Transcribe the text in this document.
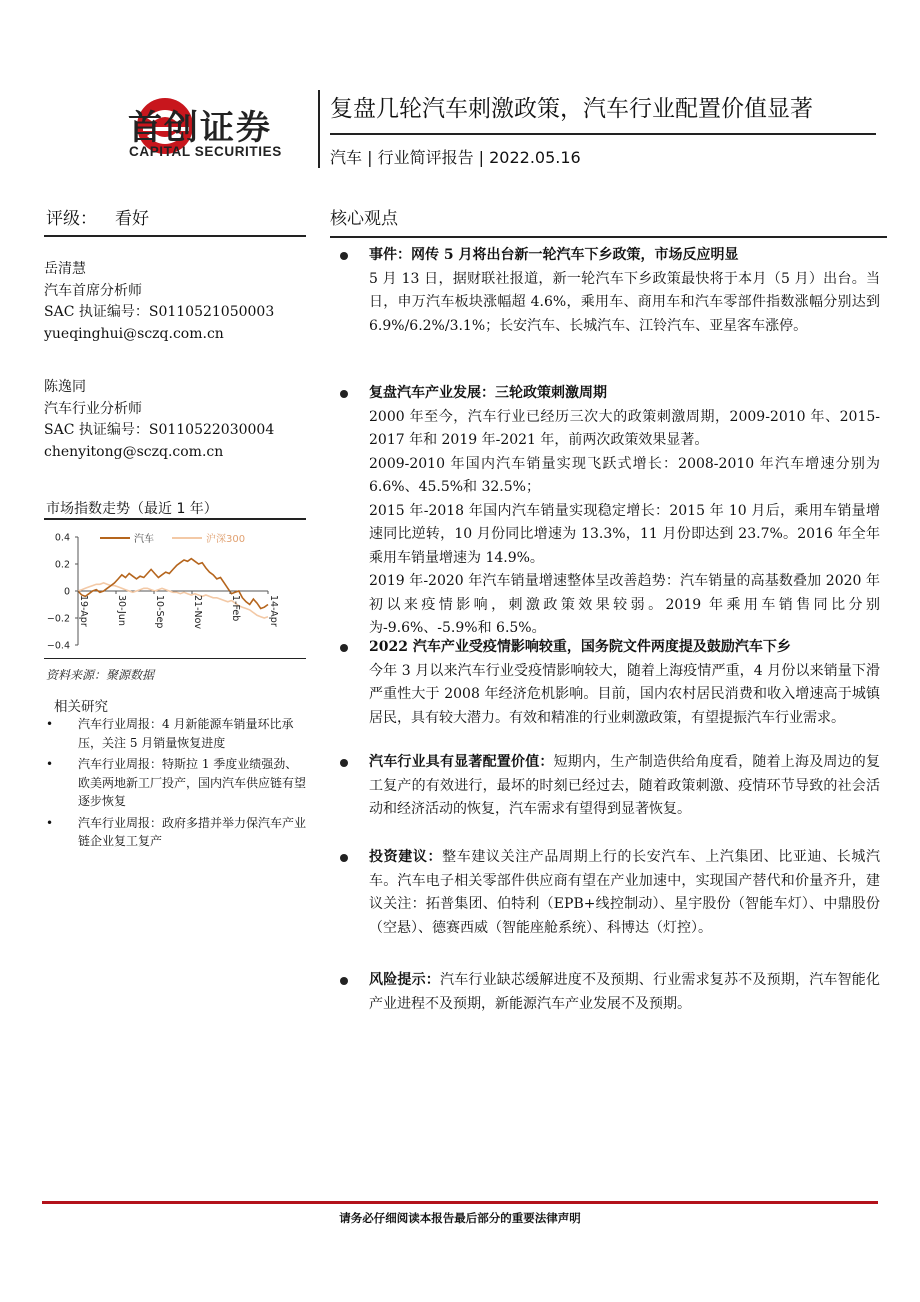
首创证券
CAPITAL SECURITIES
复盘几轮汽车刺激政策，汽车行业配置价值显著
汽车 | 行业简评报告 | 2022.05.16
评级： 看好
岳清慧
汽车首席分析师
SAC 执证编号：S0110521050003
yueqinghui@sczq.com.cn
陈逸同
汽车行业分析师
SAC 执证编号：S0110522030004
chenyitong@sczq.com.cn
市场指数走势（最近 1 年）
0.4
0.2
0
−0.2
−0.4
19-Apr	30-Jun	10-Sep	21-Nov	1-Feb	14-Apr
汽车	沪深300
资料来源：聚源数据
相关研究
• 汽车行业周报：4 月新能源车销量环比承压，关注 5 月销量恢复进度
• 汽车行业周报：特斯拉 1 季度业绩强劲、欧美两地新工厂投产，国内汽车供应链有望逐步恢复
• 汽车行业周报：政府多措并举力保汽车产业链企业复工复产
核心观点

事件：网传 5 月将出台新一轮汽车下乡政策，市场反应明显

5 月 13 日，据财联社报道，新一轮汽车下乡政策最快将于本月（5 月）出台。当日，申万汽车板块涨幅超 4.6%，乘用车、商用车和汽车零部件指数涨幅分别达到 6.9%/6.2%/3.1%；长安汽车、长城汽车、江铃汽车、亚星客车涨停。

复盘汽车产业发展：三轮政策刺激周期

2000 年至今，汽车行业已经历三次大的政策刺激周期，2009-2010 年、2015-2017 年和 2019 年-2021 年，前两次政策效果显著。

2009-2010 年国内汽车销量实现飞跃式增长：2008-2010 年汽车增速分别为 6.6%、45.5%和 32.5%；

2015 年-2018 年国内汽车销量实现稳定增长：2015 年 10 月后，乘用车销量增速同比逆转，10 月份同比增速为 13.3%，11 月份即达到 23.7%。2016 年全年乘用车销量增速为 14.9%。

2019 年-2020 年汽车销量增速整体呈改善趋势：汽车销量的高基数叠加 2020 年初以来疫情影响，刺激政策效果较弱。2019 年乘用车销售同比分别为-9.6%、-5.9%和 6.5%。

2022 汽车产业受疫情影响较重，国务院文件两度提及鼓励汽车下乡

今年 3 月以来汽车行业受疫情影响较大，随着上海疫情严重，4 月份以来销量下滑严重性大于 2008 年经济危机影响。目前，国内农村居民消费和收入增速高于城镇居民，具有较大潜力。有效和精准的行业刺激政策，有望提振汽车行业需求。

汽车行业具有显著配置价值：短期内，生产制造供给角度看，随着上海及周边的复工复产的有效进行，最坏的时刻已经过去，随着政策刺激、疫情环节导致的社会活动和经济活动的恢复，汽车需求有望得到显著恢复。

投资建议：整车建议关注产品周期上行的长安汽车、上汽集团、比亚迪、长城汽车。汽车电子相关零部件供应商有望在产业加速中，实现国产替代和价量齐升，建议关注：拓普集团、伯特利（EPB+线控制动）、星宇股份（智能车灯）、中鼎股份（空悬）、德赛西威（智能座舱系统）、科博达（灯控）。

风险提示：汽车行业缺芯缓解进度不及预期、行业需求复苏不及预期，汽车智能化产业进程不及预期，新能源汽车产业发展不及预期。

请务必仔细阅读本报告最后部分的重要法律声明
